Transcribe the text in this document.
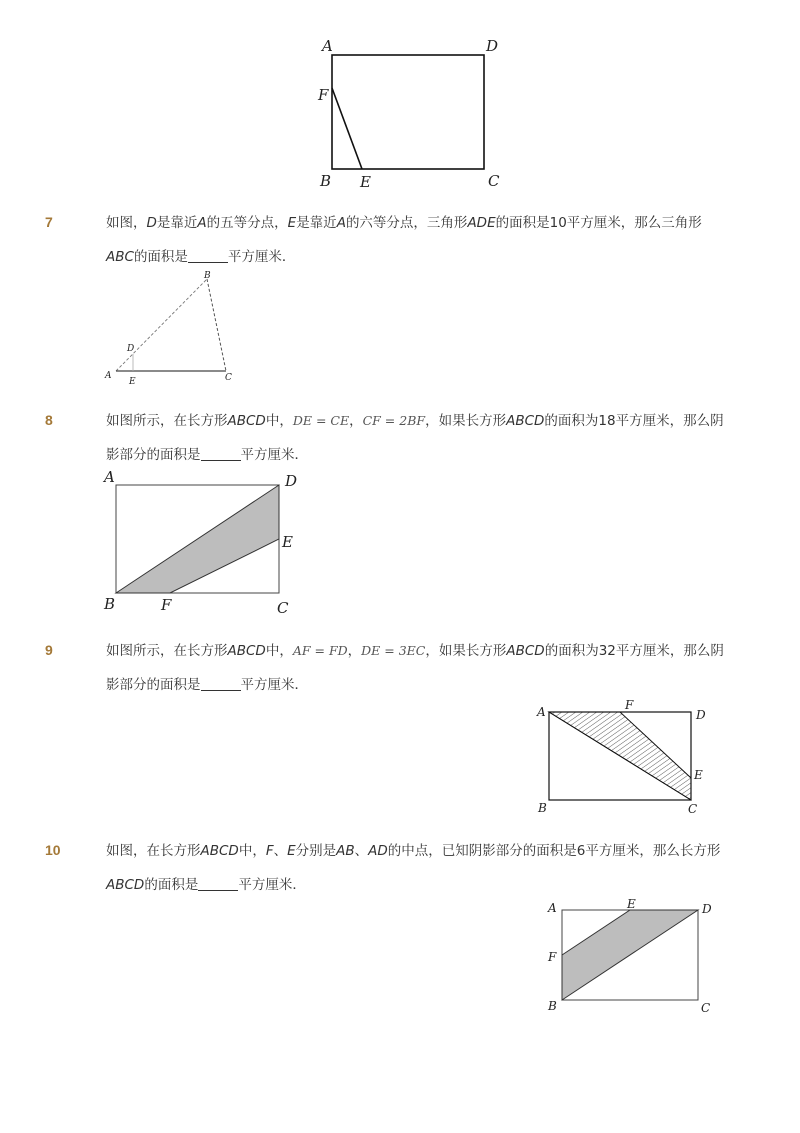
A	D
F
B E	C
7	如图，D是靠近A的五等分点，E是靠近A的六等分点，三角形ADE的面积是10平方厘米，那么三角形ABC的面积是	平方厘米．
B
D
A
E	C
8	如图所示，在长方形ABCD中，DE = CE，CF = 2BF，如果长方形ABCD的面积为18平方厘米，那么阴影部分的面积是	平方厘米．
A	D
E
B	F	C
9	如图所示，在长方形ABCD中，AF = FD，DE = 3EC，如果长方形ABCD的面积为32平方厘米，那么阴影部分的面积是	平方厘米．
A	F
D
E
B	C
10	如图，在长方形ABCD中，F、E分别是AB、AD的中点，已知阴影部分的面积是6平方厘米，那么长方形ABCD的面积是	平方厘米．
A	E	D
F
B	C
